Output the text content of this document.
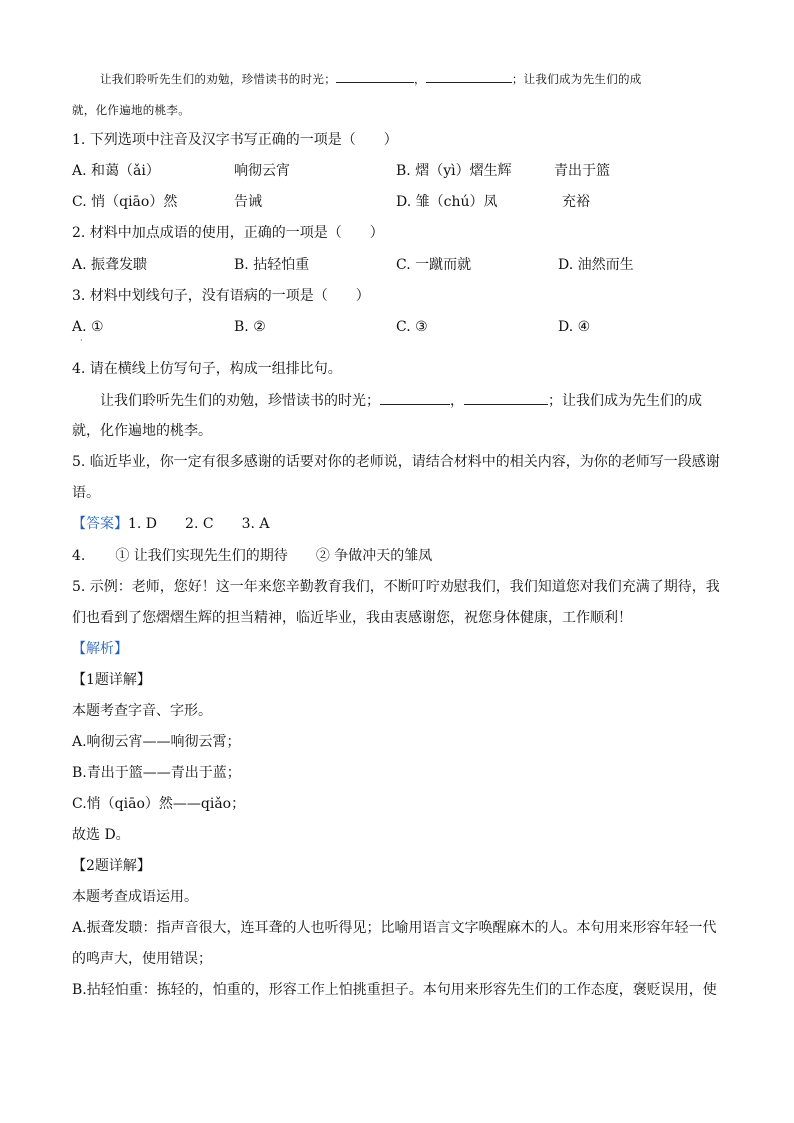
让我们聆听先生们的劝勉，珍惜读书的时光；	，	；让我们成为先生们的成
就，化作遍地的桃李。
1. 下列选项中注音及汉字书写正确的一项是（　　）
A. 和蔼（ǎi）	响彻云宵	B. 熠（yì）熠生辉	青出于篮
C. 悄（qiāo）然	告诫	D. 雏（chú）凤	充裕
2. 材料中加点成语的使用，正确的一项是（　　）
A. 振聋发聩	B. 拈轻怕重	C. 一蹴而就	D. 油然而生
3. 材料中划线句子，没有语病的一项是（　　）
A. ①
·
B. ②	C. ③	D. ④
4. 请在横线上仿写句子，构成一组排比句。
让我们聆听先生们的劝勉，珍惜读书的时光；	，	；让我们成为先生们的成
就，化作遍地的桃李。
5. 临近毕业，你一定有很多感谢的话要对你的老师说，请结合材料中的相关内容，为你的老师写一段感谢
语。
【答案】1. D 2. C 3. A
4. ① 让我们实现先生们的期待 ② 争做冲天的雏凤
5. 示例：老师，您好！这一年来您辛勤教育我们，不断叮咛劝慰我们，我们知道您对我们充满了期待，我
们也看到了您熠熠生辉的担当精神，临近毕业，我由衷感谢您，祝您身体健康，工作顺利！
【解析】
【1题详解】
本题考查字音、字形。
A.响彻云宵——响彻云霄；
B.青出于篮——青出于蓝；
C.悄（qiāo）然——qiǎo；
故选 D。
【2题详解】
本题考查成语运用。
A.振聋发聩：指声音很大，连耳聋的人也听得见；比喻用语言文字唤醒麻木的人。本句用来形容年轻一代
的鸣声大，使用错误；
B.拈轻怕重：拣轻的，怕重的，形容工作上怕挑重担子。本句用来形容先生们的工作态度，褒贬误用，使
